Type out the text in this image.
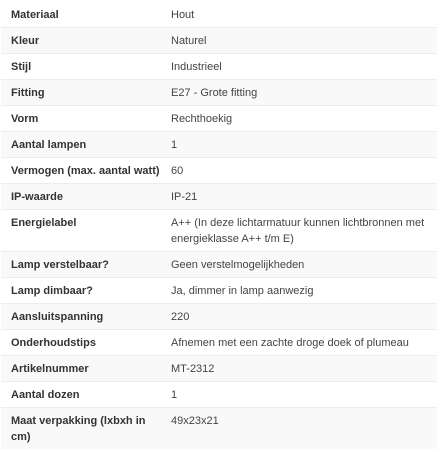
Materiaal	Hout
Kleur	Naturel
Stijl	Industrieel
Fitting	E27 - Grote fitting
Vorm	Rechthoekig
Aantal lampen	1
Vermogen (max. aantal watt)	60
IP-waarde	IP-21
Energielabel	A++ (In deze lichtarmatuur kunnen lichtbronnen met energieklasse A++ t/m E)
Lamp verstelbaar?	Geen verstelmogelijkheden
Lamp dimbaar?	Ja, dimmer in lamp aanwezig
Aansluitspanning	220
Onderhoudstips	Afnemen met een zachte droge doek of plumeau
Artikelnummer	MT-2312
Aantal dozen	1
Maat verpakking (lxbxh in cm)	49x23x21
